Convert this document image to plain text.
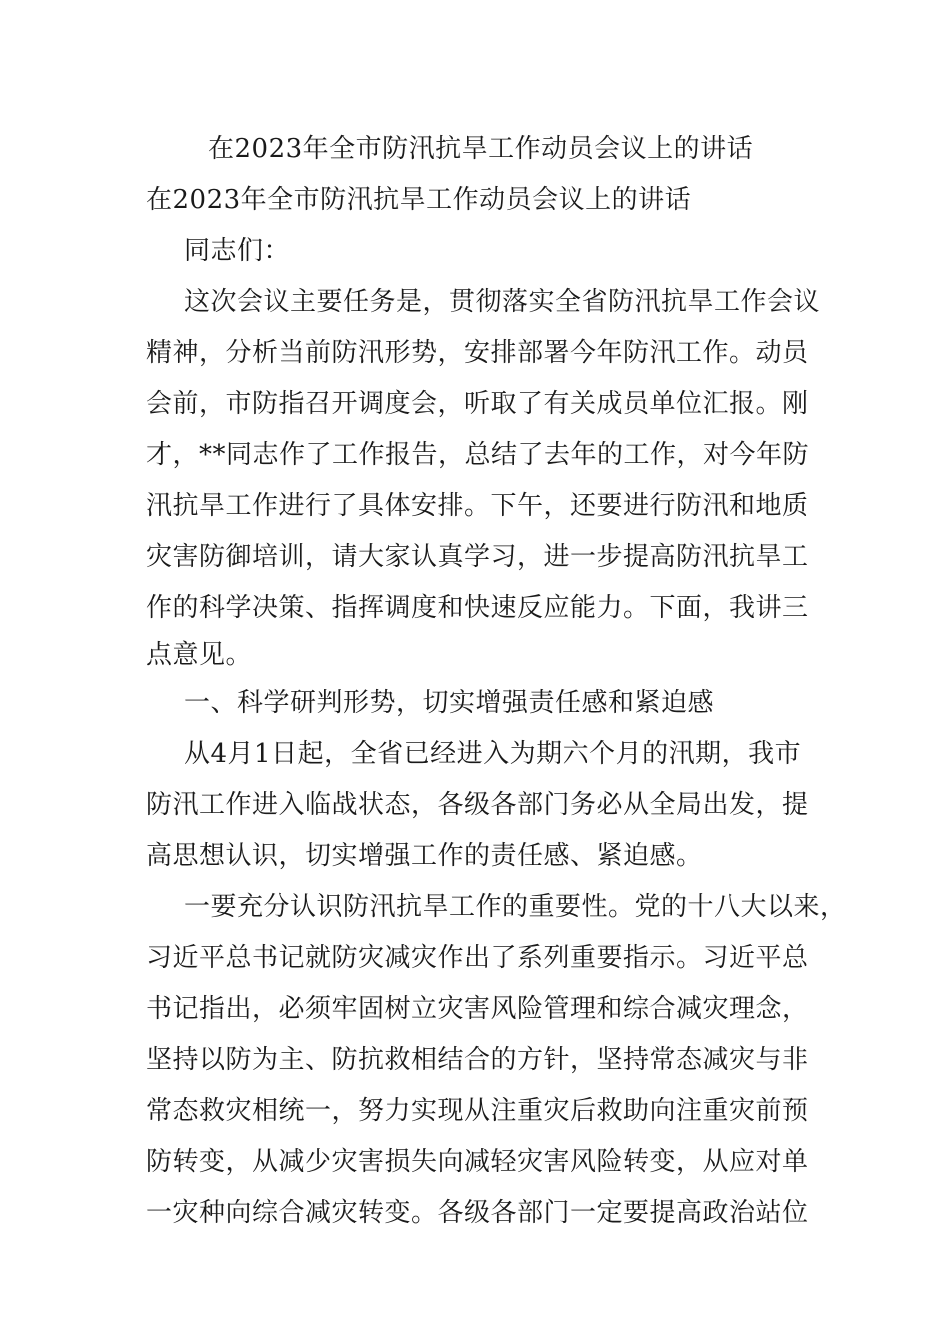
在2023年全市防汛抗旱工作动员会议上的讲话
在2023年全市防汛抗旱工作动员会议上的讲话
同志们：
这次会议主要任务是，贯彻落实全省防汛抗旱工作会议
精神，分析当前防汛形势，安排部署今年防汛工作。动员
会前，市防指召开调度会，听取了有关成员单位汇报。刚
才，**同志作了工作报告，总结了去年的工作，对今年防
汛抗旱工作进行了具体安排。下午，还要进行防汛和地质
灾害防御培训，请大家认真学习，进一步提高防汛抗旱工
作的科学决策、指挥调度和快速反应能力。下面，我讲三
点意见。
一、科学研判形势，切实增强责任感和紧迫感
从4月1日起，全省已经进入为期六个月的汛期，我市
防汛工作进入临战状态，各级各部门务必从全局出发，提
高思想认识，切实增强工作的责任感、紧迫感。
一要充分认识防汛抗旱工作的重要性。党的十八大以来，
习近平总书记就防灾减灾作出了系列重要指示。习近平总
书记指出，必须牢固树立灾害风险管理和综合减灾理念，
坚持以防为主、防抗救相结合的方针，坚持常态减灾与非
常态救灾相统一，努力实现从注重灾后救助向注重灾前预
防转变，从减少灾害损失向减轻灾害风险转变，从应对单
一灾种向综合减灾转变。各级各部门一定要提高政治站位
